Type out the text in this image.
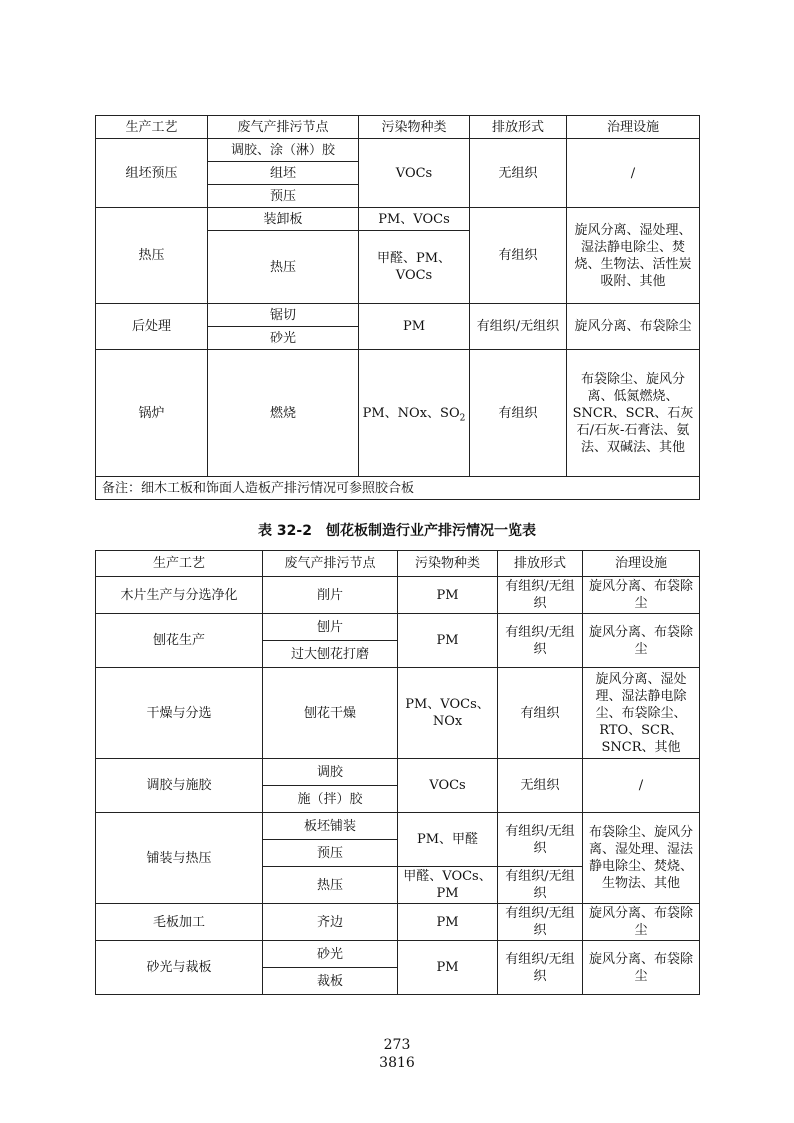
生产工艺	废气产排污节点	污染物种类	排放形式	治理设施
组坯预压	调胶、涂（淋）胶	VOCs	无组织	/
	组坯			
	预压			
热压	装卸板	PM、VOCs	有组织	旋风分离、湿处理、湿法静电除尘、焚烧、生物法、活性炭吸附、其他
	热压	甲醛、PM、VOCs		
后处理	锯切	PM	有组织/无组织	旋风分离、布袋除尘
	砂光			
锅炉	燃烧	PM、NOx、$SO_2$	有组织	布袋除尘、旋风分离、低氮燃烧、SNCR、SCR、石灰石/石灰-石膏法、氨法、双碱法、其他
备注：细木工板和饰面人造板产排污情况可参照胶合板				
表 32-2　刨花板制造行业产排污情况一览表
生产工艺	废气产排污节点	污染物种类	排放形式	治理设施
木片生产与分选净化	削片	PM	有组织/无组织	旋风分离、布袋除尘
刨花生产	刨片	PM	有组织/无组织	旋风分离、布袋除尘
	过大刨花打磨			
干燥与分选	刨花干燥	PM、VOCs、NOx	有组织	旋风分离、湿处理、湿法静电除尘、布袋除尘、RTO、SCR、SNCR、其他
调胶与施胶	调胶	VOCs	无组织	/
	施（拌）胶			
铺装与热压	板坯铺装	PM、甲醛	有组织/无组织	布袋除尘、旋风分离、湿处理、湿法静电除尘、焚烧、生物法、其他
	预压			
	热压	甲醛、VOCs、PM	有组织/无组织	
毛板加工	齐边	PM	有组织/无组织	旋风分离、布袋除尘
砂光与裁板	砂光	PM	有组织/无组织	旋风分离、布袋除尘
	裁板			
273
3816
